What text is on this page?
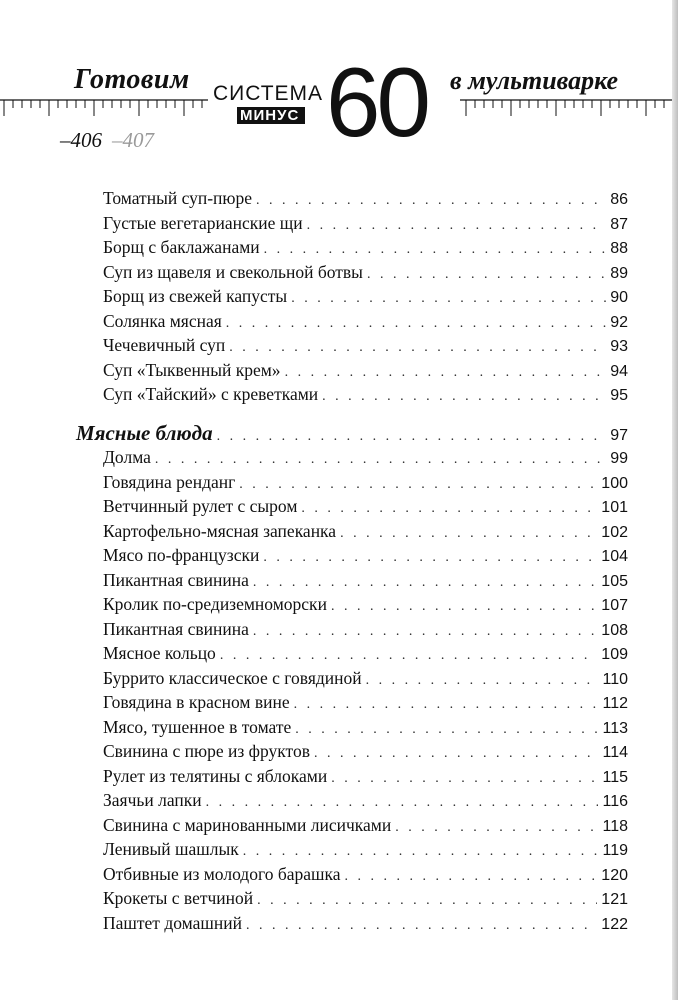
Готовим СИСТЕМА
МИНУС 60 в мультиварке
–406 –407
Томатный суп-пюре . . .	86
Густые вегетарианские щи . . .	87
Борщ с баклажанами . . .	88
Суп из щавеля и свекольной ботвы . . .	89
Борщ из свежей капусты . . .	90
Солянка мясная . . .	92
Чечевичный суп . . .	93
Суп «Тыквенный крем» . . .	94
Суп «Тайский» с креветками . . .	95
Мясные блюда . . .	97
Долма . . .	99
Говядина ренданг . . .	100
Ветчинный рулет с сыром . . .	101
Картофельно-мясная запеканка . . .	102
Мясо по-французски . . .	104
Пикантная свинина . . .	105
Кролик по-средиземноморски . . .	107
Пикантная свинина . . .	108
Мясное кольцо . . .	109
Буррито классическое с говядиной . . .	110
Говядина в красном вине . . .	112
Мясо, тушенное в томате . . .	113
Свинина с пюре из фруктов . . .	114
Рулет из телятины с яблоками . . .	115
Заячьи лапки . . .	116
Свинина с маринованными лисичками . . .	118
Ленивый шашлык . . .	119
Отбивные из молодого барашка . . .	120
Крокеты с ветчиной . . .	121
Паштет домашний . . .	122
